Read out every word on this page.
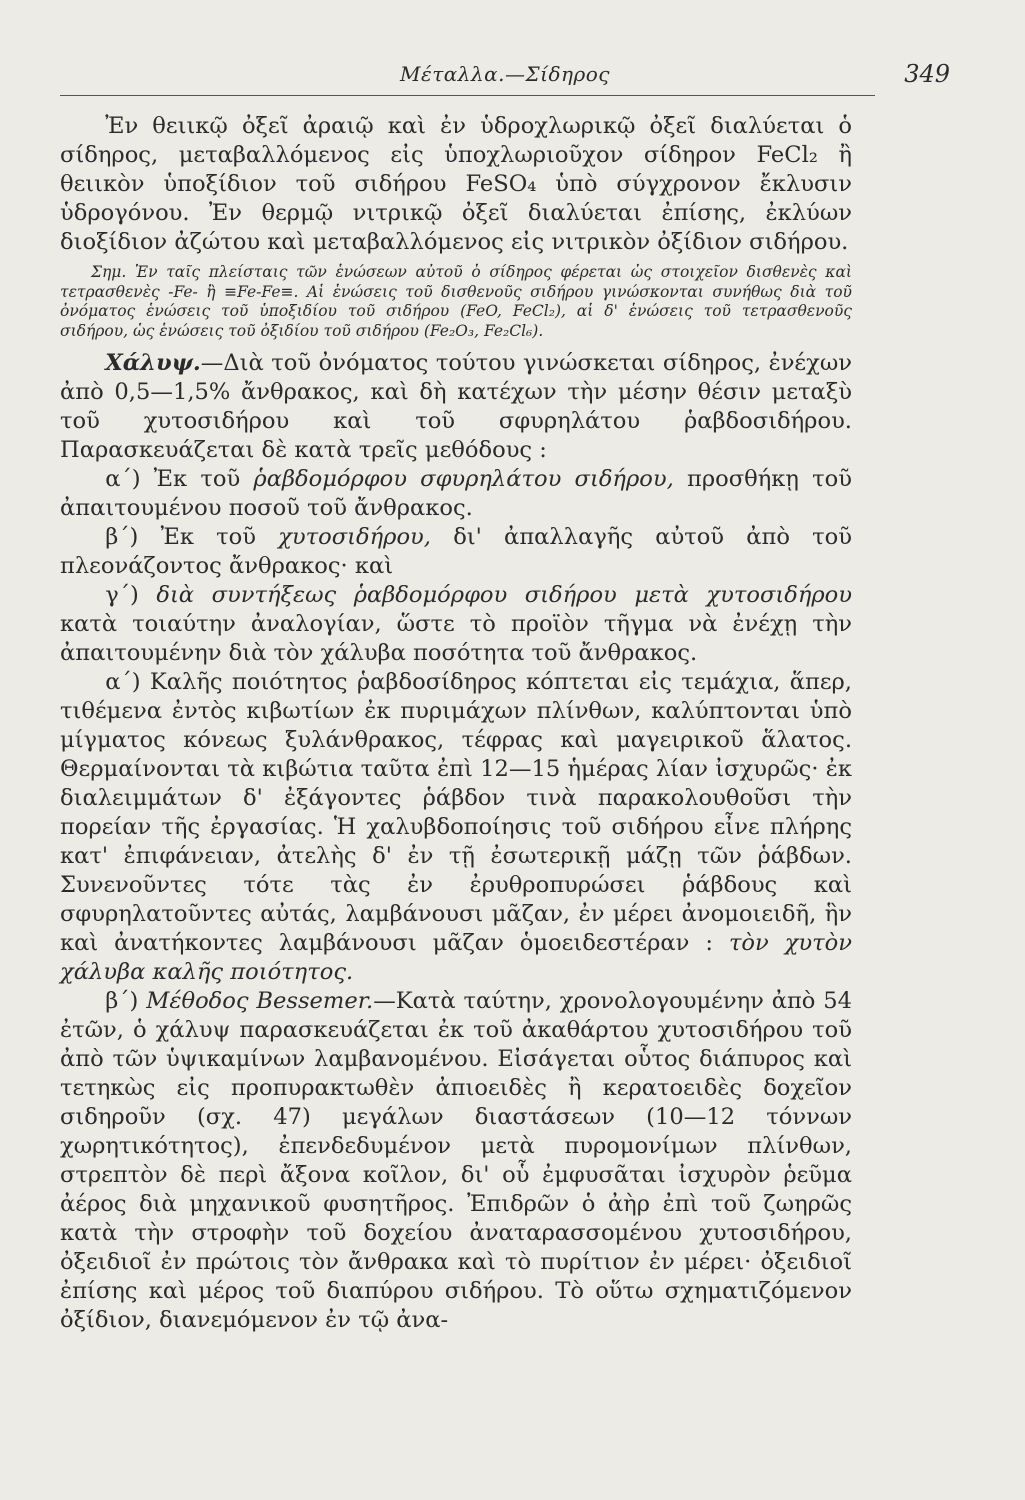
Μέταλλα.—Σίδηρος	349

Ἐν θειικῷ ὀξεῖ ἀραιῷ καὶ ἐν ὑδροχλωρικῷ ὀξεῖ διαλύεται ὁ σίδηρος, μεταβαλλόμενος εἰς ὑποχλωριοῦχον σίδηρον FeCl₂ ἢ θειικὸν ὑποξίδιον τοῦ σιδήρου FeSO₄ ὑπὸ σύγχρονον ἔκλυσιν ὑδρογόνου. Ἐν θερμῷ νιτρικῷ ὀξεῖ διαλύεται ἐπίσης, ἐκλύων διοξίδιον ἀζώτου καὶ μεταβαλλόμενος εἰς νιτρικὸν ὀξίδιον σιδήρου.

Σημ. Ἐν ταῖς πλείσταις τῶν ἑνώσεων αὐτοῦ ὁ σίδηρος φέρεται ὡς στοιχεῖον δισθενὲς καὶ τετρασθενὲς -Fe- ἢ ≡Fe-Fe≡. Αἱ ἑνώσεις τοῦ δισθενοῦς σιδήρου γινώσκονται συνήθως διὰ τοῦ ὀνόματος ἑνώσεις τοῦ ὑποξιδίου τοῦ σιδήρου (FeO, FeCl₂), αἱ δ' ἑνώσεις τοῦ τετρασθενοῦς σιδήρου, ὡς ἑνώσεις τοῦ ὀξιδίου τοῦ σιδήρου (Fe₂O₃, Fe₂Cl₆).

Χάλυψ.—Διὰ τοῦ ὀνόματος τούτου γινώσκεται σίδηρος, ἐνέχων ἀπὸ 0,5—1,5% ἄνθρακος, καὶ δὴ κατέχων τὴν μέσην θέσιν μεταξὺ τοῦ χυτοσιδήρου καὶ τοῦ σφυρηλάτου ῥαβδοσιδήρου. Παρασκευάζεται δὲ κατὰ τρεῖς μεθόδους :

α΄) Ἐκ τοῦ ῥαβδομόρφου σφυρηλάτου σιδήρου, προσθήκῃ τοῦ ἀπαιτουμένου ποσοῦ τοῦ ἄνθρακος.

β΄) Ἐκ τοῦ χυτοσιδήρου, δι' ἀπαλλαγῆς αὐτοῦ ἀπὸ τοῦ πλεονάζοντος ἄνθρακος· καὶ

γ΄) διὰ συντήξεως ῥαβδομόρφου σιδήρου μετὰ χυτοσιδήρου κατὰ τοιαύτην ἀναλογίαν, ὥστε τὸ προϊὸν τῆγμα νὰ ἐνέχῃ τὴν ἀπαιτουμένην διὰ τὸν χάλυβα ποσότητα τοῦ ἄνθρακος.

α΄) Καλῆς ποιότητος ῥαβδοσίδηρος κόπτεται εἰς τεμάχια, ἅπερ, τιθέμενα ἐντὸς κιβωτίων ἐκ πυριμάχων πλίνθων, καλύπτονται ὑπὸ μίγματος κόνεως ξυλάνθρακος, τέφρας καὶ μαγειρικοῦ ἅλατος. Θερμαίνονται τὰ κιβώτια ταῦτα ἐπὶ 12—15 ἡμέρας λίαν ἰσχυρῶς· ἐκ διαλειμμάτων δ' ἐξάγοντες ῥάβδον τινὰ παρακολουθοῦσι τὴν πορείαν τῆς ἐργασίας. Ἡ χαλυβδοποίησις τοῦ σιδήρου εἶνε πλήρης κατ' ἐπιφάνειαν, ἀτελὴς δ' ἐν τῇ ἐσωτερικῇ μάζῃ τῶν ῥάβδων. Συνενοῦντες τότε τὰς ἐν ἐρυθροπυρώσει ῥάβδους καὶ σφυρηλατοῦντες αὐτάς, λαμβάνουσι μᾶζαν, ἐν μέρει ἀνομοιειδῆ, ἣν καὶ ἀνατήκοντες λαμβάνουσι μᾶζαν ὁμοειδεστέραν : τὸν χυτὸν χάλυβα καλῆς ποιότητος.

β΄) Μέθοδος Bessemer.—Κατὰ ταύτην, χρονολογουμένην ἀπὸ 54 ἐτῶν, ὁ χάλυψ παρασκευάζεται ἐκ τοῦ ἀκαθάρτου χυτοσιδήρου τοῦ ἀπὸ τῶν ὑψικαμίνων λαμβανομένου. Εἰσάγεται οὗτος διάπυρος καὶ τετηκὼς εἰς προπυρακτωθὲν ἀπιοειδὲς ἢ κερατοειδὲς δοχεῖον σιδηροῦν (σχ. 47) μεγάλων διαστάσεων (10—12 τόννων χωρητικότητος), ἐπενδεδυμένον μετὰ πυρομονίμων πλίνθων, στρεπτὸν δὲ περὶ ἄξονα κοῖλον, δι' οὗ ἐμφυσᾶται ἰσχυρὸν ῥεῦμα ἀέρος διὰ μηχανικοῦ φυσητῆρος. Ἐπιδρῶν ὁ ἀὴρ ἐπὶ τοῦ ζωηρῶς κατὰ τὴν στροφὴν τοῦ δοχείου ἀναταρασσομένου χυτοσιδήρου, ὀξειδιοῖ ἐν πρώτοις τὸν ἄνθρακα καὶ τὸ πυρίτιον ἐν μέρει· ὀξειδιοῖ ἐπίσης καὶ μέρος τοῦ διαπύρου σιδήρου. Τὸ οὕτω σχηματιζόμενον ὀξίδιον, διανεμόμενον ἐν τῷ ἀνα-
